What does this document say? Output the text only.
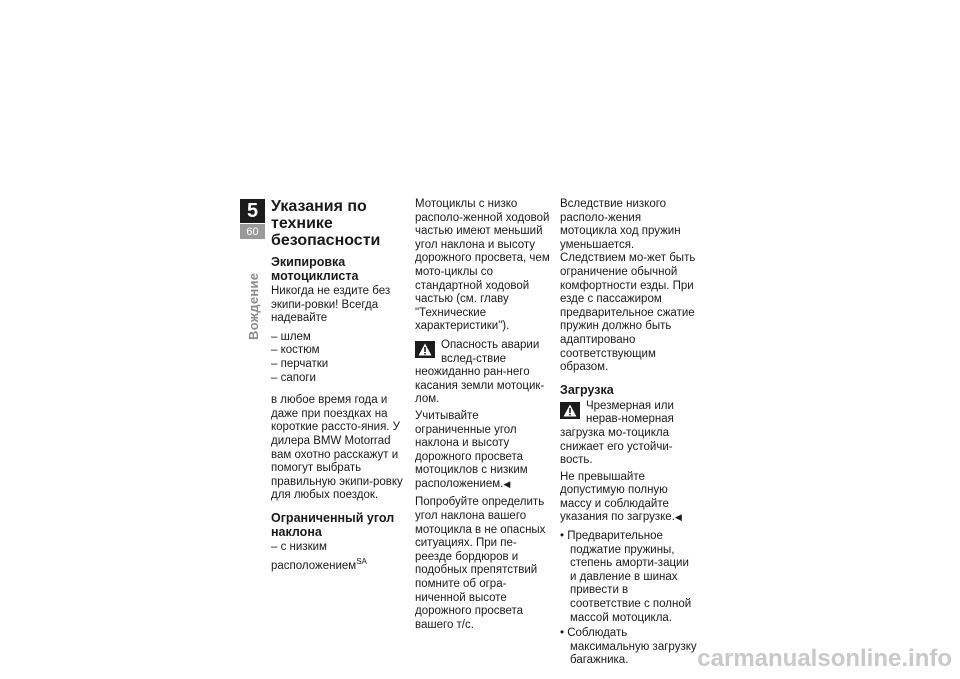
5
60
Вождение
Указания по технике безопасности
Экипировка мотоциклиста

Никогда не ездите без экипи-ровки! Всегда надевайте

– шлем
– костюм
– перчатки
– сапоги

в любое время года и даже при поездках на короткие рассто-яния. У дилера BMW Motorrad вам охотно расскажут и помогут выбрать правильную экипи-ровку для любых поездок.

Ограниченный угол наклона
– с низким расположением$^{SA}$

Мотоциклы с низко располо-женной ходовой частью имеют меньший угол наклона и высоту дорожного просвета, чем мото-циклы со стандартной ходовой частью (см. главу "Технические характеристики").

Опасность аварии вслед-ствие неожиданно ран-него касания земли мотоцик-лом.

Учитывайте ограниченные угол наклона и высоту дорожного просвета мотоциклов с низким расположением.◀

Попробуйте определить угол наклона вашего мотоцикла в не опасных ситуациях. При пе-реезде бордюров и подобных препятствий помните об огра-ниченной высоте дорожного просвета вашего т/с.

Вследствие низкого располо-жения мотоцикла ход пружин уменьшается. Следствием мо-жет быть ограничение обычной комфортности езды. При езде с пассажиром предварительное сжатие пружин должно быть адаптировано соответствующим образом.

Загрузка
Чрезмерная или нерав-номерная загрузка мо-тоцикла снижает его устойчи-вость.

Не превышайте допустимую полную массу и соблюдайте указания по загрузке.◀

• Предварительное поджатие пружины, степень аморти-зации и давление в шинах привести в соответствие с полной массой мотоцикла.
• Соблюдать максимальную загрузку багажника.	carmanualsonline.info
